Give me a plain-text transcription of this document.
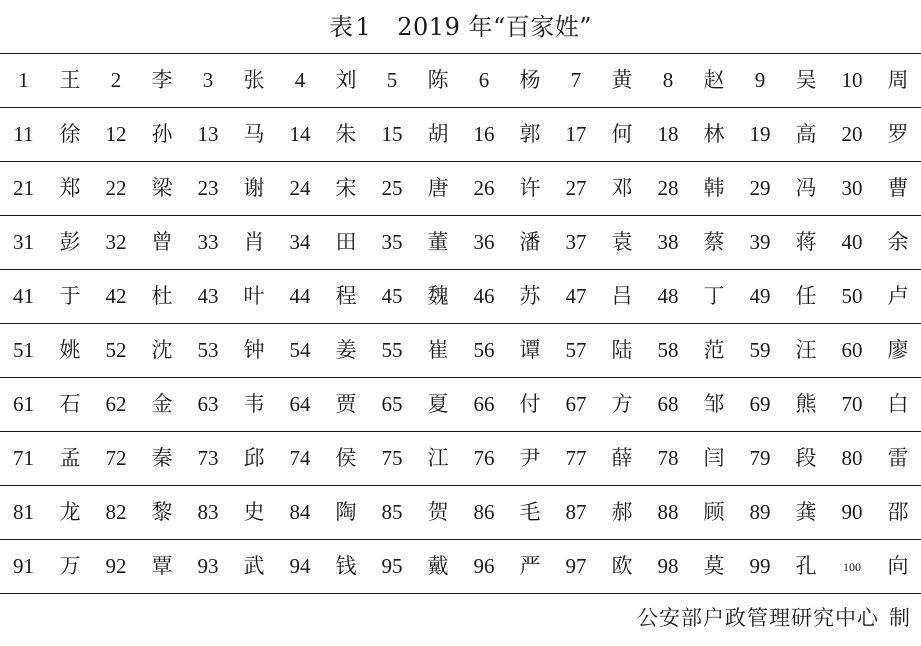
表1 2019 年“百家姓”
1	王	2	李	3	张	4	刘	5	陈	6	杨	7	黄	8	赵	9	吴	10	周
11	徐	12	孙	13	马	14	朱	15	胡	16	郭	17	何	18	林	19	高	20	罗
21	郑	22	梁	23	谢	24	宋	25	唐	26	许	27	邓	28	韩	29	冯	30	曹
31	彭	32	曾	33	肖	34	田	35	董	36	潘	37	袁	38	蔡	39	蒋	40	余
41	于	42	杜	43	叶	44	程	45	魏	46	苏	47	吕	48	丁	49	任	50	卢
51	姚	52	沈	53	钟	54	姜	55	崔	56	谭	57	陆	58	范	59	汪	60	廖
61	石	62	金	63	韦	64	贾	65	夏	66	付	67	方	68	邹	69	熊	70	白
71	孟	72	秦	73	邱	74	侯	75	江	76	尹	77	薛	78	闫	79	段	80	雷
81	龙	82	黎	83	史	84	陶	85	贺	86	毛	87	郝	88	顾	89	龚	90	邵
91	万	92	覃	93	武	94	钱	95	戴	96	严	97	欧	98	莫	99	孔	100	向
公安部户政管理研究中心 制
